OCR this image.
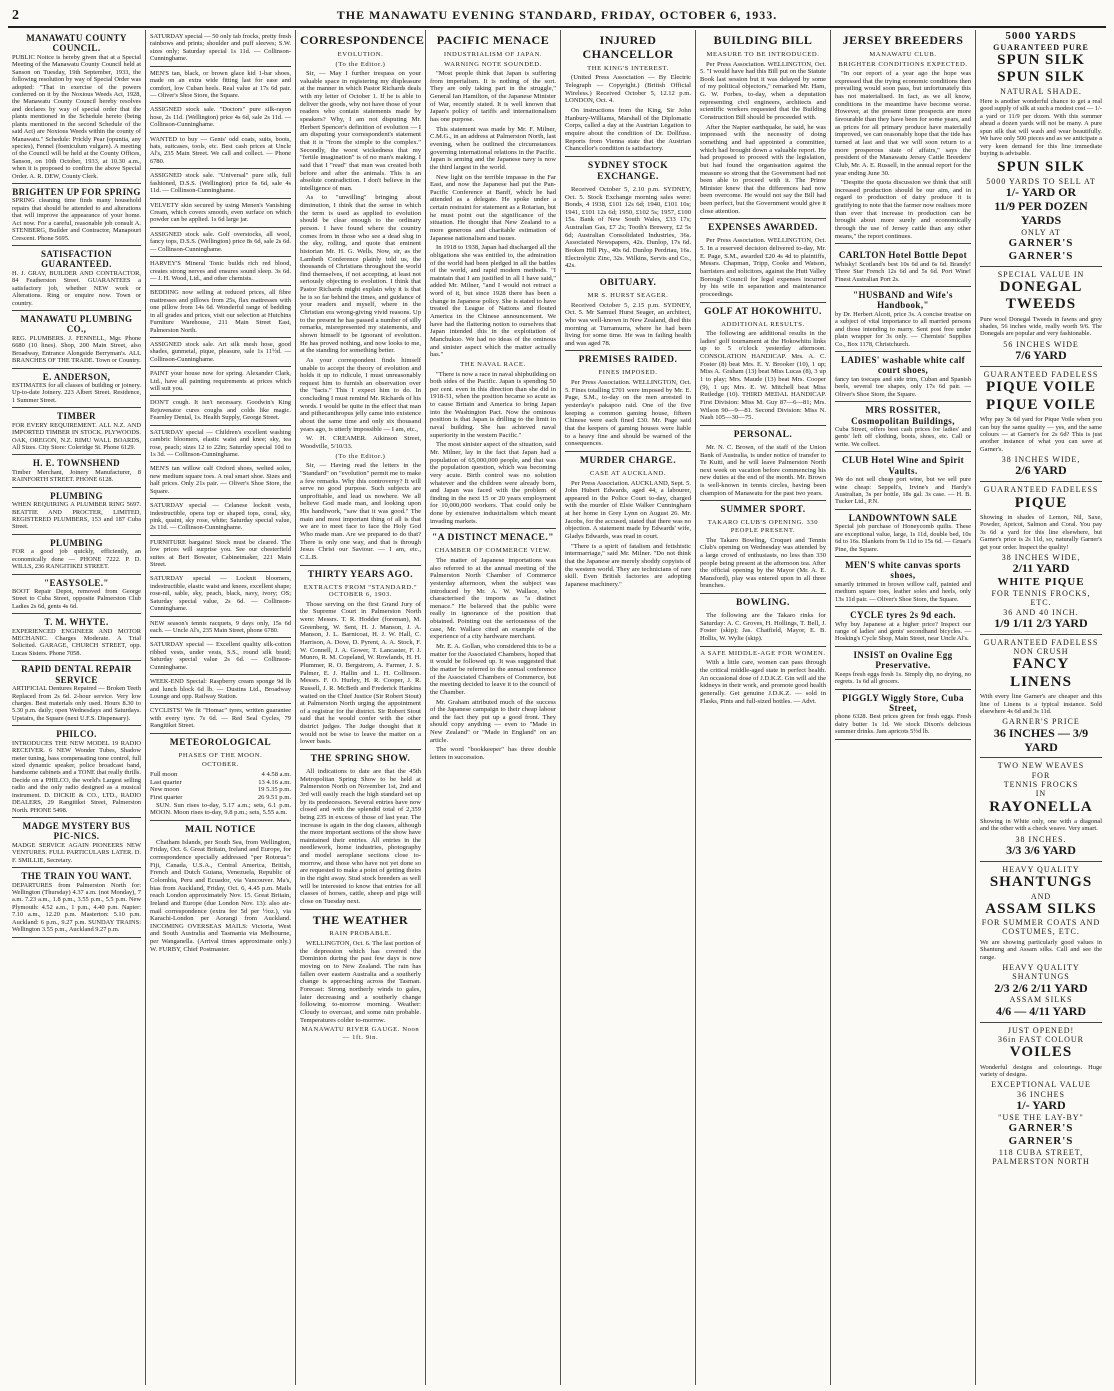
2	THE MANAWATU EVENING STANDARD, FRIDAY, OCTOBER 6, 1933.
MANAWATU COUNTY COUNCIL.
PUBLIC Notice is hereby given that at a Special Meeting of the Manawatu County Council held at Sanson on Tuesday, 19th September, 1933, the following resolution by way of Special Order was adopted: "That in exercise of the powers conferred on it by the Noxious Weeds Act, 1928, the Manawatu County Council hereby resolves and declares by way of special order that the plants mentioned in the Schedule hereto (being plants mentioned in the second Schedule of the said Act) are Noxious Weeds within the county of Manawatu." Schedule: Prickly Pear (opuntia, any species), Fennel (foeniculum vulgare). A meeting of the Council will be held at the County Offices, Sanson, on 10th October, 1933, at 10.30 a.m., when it is proposed to confirm the above Special Order. A. R. DEW, County Clerk.
BRIGHTEN UP FOR SPRING
SPRING cleaning time finds many household repairs that should be attended to and alterations that will improve the appearance of your home. Act now. For a careful, reasonable job consult A. STENBERG, Builder and Contractor, Manapouri Crescent. Phone 5695.
SATISFACTION GUARANTEED.
H. J. GRAY, BUILDER AND CONTRACTOR, 84 Featherston Street. GUARANTEES a satisfactory job, whether NEW work or Alterations. Ring or enquire now. Town or country.
MANAWATU PLUMBING CO.,
REG. PLUMBERS. J. FENNELL, Mgr. Phone 6680 (10 lines). Shop, 200 Main Street, also Broadway, Entrance Alongside Berryman's. ALL BRANCHES OF THE TRADE. Town or Country.
E. ANDERSON,
ESTIMATES for all classes of building or joinery. Up-to-date Joinery. 223 Albert Street. Residence, 1 Summer Street.
TIMBER
FOR EVERY REQUIREMENT. ALL N.Z. AND IMPORTED TIMBER IN STOCK. PLYWOODS. OAK, OREGON, N.Z. RIMU WALL BOARDS, All Sizes. City Store: Coleridge St. Phone 6129.
H. E. TOWNSHEND
Timber Merchant, Joinery Manufacturer, 8 RAINFORTH STREET. PHONE 6128.
PLUMBING
WHEN REQUIRING A PLUMBER RING 5697. BEATTIE AND PROCTER, LIMITED, REGISTERED PLUMBERS, 153 and 187 Cuba Street.
PLUMBING
FOR a good job quickly, efficiently, an economically done — PHONE 7222. P. D. WILLS, 236 RANGITIKEI STREET.
"EASYSOLE."
BOOT Repair Depot, removed from George Street to Cuba Street, opposite Palmerston Club Ladies 2s 6d, gents 4s 6d.
T. M. WHYTE.
EXPERIENCED ENGINEER AND MOTOR MECHANIC. Charges Moderate. A Trial Solicited. GARAGE, CHURCH STREET, opp. Lucas Sisters. Phone 7058.
RAPID DENTAL REPAIR SERVICE
ARTIFICIAL Dentures Repaired — Broken Teeth Replaced from 2s 6d. 2-hour service. Very low charges. Best materials only used. Hours 8.30 to 5.30 p.m. daily; open Wednesdays and Saturdays. Upstairs, the Square (next U.F.S. Dispensary).
PHILCO.
INTRODUCES THE NEW MODEL 19 RADIO RECEIVER. 6 NEW Wonder Tubes, Shadow meter tuning, bass compensating tone control, full sized dynamic speaker, police broadcast band, handsome cabinets and a TONE that really thrills. Decide on a PHILCO, the world's Largest selling radio and the only radio designed as a musical instrument. D. DICKIE & CO., LTD., RADIO DEALERS, 29 Rangitikei Street, Palmerston North. PHONE 5498.
MADGE MYSTERY BUS PIC-NICS.
MADGE SERVICE AGAIN PIONEERS NEW VENTURES. FULL PARTICULARS LATER. D. F. SMILLIE, Secretary.
THE TRAIN YOU WANT.
DEPARTURES from Palmerston North for: Wellington (Thursday) 4.37 a.m. (not Monday), 7 a.m. 7.23 a.m., 1.8 p.m., 3.55 p.m., 5.5 p.m. New Plymouth: 4.52 a.m., 1 p.m., 4.40 p.m. Napier: 7.10 a.m., 12.20 p.m. Masterton: 5.10 p.m. Auckland: 6 p.m., 9.27 p.m. SUNDAY TRAINS: Wellington 3.55 p.m., Auckland 9.27 p.m.
SATURDAY special — 50 only tab frocks, pretty fresh rainbows and prints; shoulder and puff sleeves; S.W. sizes only; Saturday special 1s 11d. — Collinson-Cunninghame.
MEN'S tan, black, or brown glace kid 1-bar shoes, made on an extra wide fitting last for ease and comfort, low Cuban heels. Real value at 17s 6d pair. — Oliver's Shoe Store, the Square.
ASSIGNED stock sale. "Doctors" pure silk-rayon hose, 2s 11d. (Wellington) price 4s 6d, sale 2s 11d. — Collinson-Cunninghame.
WANTED to buy — Gents' odd coats, suits, boots, hats, suitcases, tools, etc. Best cash prices at Uncle Al's, 235 Main Street. We call and collect. — Phone 6780.
ASSIGNED stock sale. "Universal" pure silk, full fashioned, D.S.S. (Wellington) price 6s 6d, sale 4s 11d. — Collinson-Cunninghame.
VELVETY skin secured by using Menen's Vanishing Cream, which covers smooth, even surface on which powder can be applied. 1s 6d large jar.
ASSIGNED stock sale. Golf overstocks, all wool, fancy tops, D.S.S. (Wellington) price 8s 6d, sale 2s 6d. — Collinson-Cunninghame.
HARVEY'S Mineral Tonic builds rich red blood, creates strong nerves and ensures sound sleep. 3s 6d. — J. H. Wood, Ltd., and other chemists.
BEDDING now selling at reduced prices, all fibre mattresses and pillows from 25s, flax mattresses with one pillow from 14s 6d. Wonderful range of bedding in all grades and prices, visit our selection at Hutchins Furniture Warehouse, 211 Main Street East, Palmerston North.
ASSIGNED stock sale. Art silk mesh hose, good shades, gunmetal, pique, pleasure, sale 1s 11½d. — Collinson-Cunninghame.
PAINT your house now for spring. Alexander Clark, Ltd., have all painting requirements at prices which will suit you.
DON'T cough. It isn't necessary. Goodwin's King Rejuvenator cures coughs and colds like magic. Fearnley Dental, 1s. Health Supply, George Street.
SATURDAY special — Children's excellent washing cambric bloomers, elastic waist and knee; sky, tea rose, peach; sizes 12 to 22in; Saturday special 10d to 1s 3d. — Collinson-Cunninghame.
MEN'S tan willow calf Oxford shoes, welted soles, new medium square toes. A real smart shoe. Sizes and half prices. Only 21s pair. — Oliver's Shoe Store, the Square.
SATURDAY special — Celanese locknit vests, indestructible, opera top or shaped tops, coral, sky, pink, quaint, sky rose, white; Saturday special value, 2s 11d. — Collinson-Cunninghame.
FURNITURE bargains! Stock must be cleared. The low prices will surprise you. See our chesterfield suites at Bert Bowater, Cabinetmaker, 221 Main Street.
SATURDAY special — Locknit bloomers, indestructible, elastic waist and knees, excellent shape; rose-nil, sable, sky, peach, black, navy, ivory; OS; Saturday special value, 2s 6d. — Collinson-Cunninghame.
NEW season's tennis racquets, 9 days only, 15s 6d each. — Uncle Al's, 235 Main Street, phone 6780.
SATURDAY special — Excellent quality silk-cotton ribbed vests, under vests, S.S., round silk braid; Saturday special value 2s 6d. — Collinson-Cunninghame.
WEEK-END Special: Raspberry cream sponge 9d lb and lunch block 6d lb. — Dustins Ltd., Broadway Lounge and opp. Railway Station.
CYCLISTS! We fit "Homac" tyres, written guarantee with every tyre. 7s 6d. — Red Seal Cycles, 79 Rangitikei Street.
METEOROLOGICAL
PHASES OF THE MOON.
OCTOBER.
Full moon	4 4.58 a.m.
Last quarter	13 4.16 a.m.
New moon	19 5.35 p.m.
First quarter	26 9.51 p.m.

SUN. Sun rises to-day, 5.17 a.m.; sets, 6.1 p.m. MOON. Moon rises to-day, 9.8 p.m.; sets, 5.55 a.m.

MAIL NOTICE

Chatham Islands, per South Sea, from Wellington, Friday, Oct. 6. Great Britain, Ireland and Europe, for correspondence specially addressed "per Rotorua": Fiji, Canada, U.S.A., Central America, British, French and Dutch Guiana, Venezuela, Republic of Colombia, Peru and Ecuador, via Vancouver. Ma's, bias from Auckland, Friday, Oct. 6, 4.45 p.m. Mails reach London approximately Nov. 15. Great Britain, Ireland and Europe (due London Nov. 13): also air-mail correspondence (extra fee 5d per ½oz.), via Karachi-London per Aorangi from Auckland. INCOMING OVERSEAS MAILS: Victoria, West and South Australia and Tasmania via Melbourne, per Wanganella. (Arrival times approximate only.) W. FURBY, Chief Postmaster.

CORRESPONDENCE
EVOLUTION.
(To the Editor.)

Sir, — May I further trespass on your valuable space in registering my displeasure at the manner in which Pastor Richards deals with my letter of October 1. If he is able to deliver the goods, why not have those of your readers who contain statements made by speakers? Why, I am not disputing Mr. Herbert Spencer's definition of evolution — I am disputing your correspondent's statement that it is "from the simple to the complex." Secondly, the worst wickedness that my "fertile imagination" is of no man's making. I said that I "read" that man was created both before and after the animals. This is an absolute contradiction. I don't believe in the intelligence of man.

As to "unwilling" bringing about diminution, I think that the sense in which the term is used as applied to evolution should be clear enough to the ordinary person. I have found where the country comes from in those who see a dead slug in the sky, rolling, and quote that eminent historian Mr. H. G. Wells. Now, sir, as the Lambeth Conference plainly told us, the thousands of Christians throughout the world find themselves, if not accepting, at least not seriously objecting to evolution. I think that Pastor Richards might explain why it is that he is so far behind the times, and guidance of your readers and myself, where in the Christian era wrong-giving vivid reasons. Up to the present he has passed a number of silly remarks, misrepresented my statements, and shown himself to be ignorant of evolution. He has proved nothing, and now looks to me, at the standing for something better.

As your correspondent finds himself unable to accept the theory of evolution and holds it up to ridicule, I must unreasonably request him to furnish an observation over the "facts." This I expect him to do. In concluding I must remind Mr. Richards of his words. I would be quite in the effect that man and pithecanthropus jelly came into existence about the same time and only six thousand years ago, is utterly impossible — I am, etc.,

W. H. CREAMER. Atkinson Street, Woodville, 5/10/33.

(To the Editor.)

Sir, — Having read the letters in the "Standard" on "evolution" permit me to make a few remarks. Why this controversy? It will serve no good purpose. Such subjects are unprofitable, and lead us nowhere. We all believe God made man, and looking upon His handiwork, "saw that it was good." The main and most important thing of all is that we are to meet face to face the Holy God Who made man. Are we prepared to do that? There is only one way, and that is through Jesus Christ our Saviour. — I am, etc., C.L.B.

THIRTY YEARS AGO.
EXTRACTS FROM "STANDARD." OCTOBER 6, 1903.

Those serving on the first Grand Jury of the Supreme Court in Palmerston North were: Messrs. T. R. Hodder (foreman), M. Greenberg, W. Sent, H. J. Manson, J. A. Manson, J. L. Barnicoat, H. J. W. Hall, C. Harrison, A. Dove, D. Pyrent, A. A. Stock, F. W. Connell, J. A. Gower, T. Lancaster, F. J. Munro, R. M. Copeland, W. Rowlands, H. H. Plummer, R. O. Bergstrom, A. Farmer, J. S. Palmer, E. J. Hallin and L. H. Collinson. Messrs. F. O. Hurley, H. R. Cooper, J. R. Russell, J. R. McBeth and Frederick Hankins waited on the Chief Justice (Sir Robert Stout) at Palmerston North urging the appointment of a registrar for the district. Sir Robert Stout said that he would confer with the other district judges. The Judge thought that it would not be wise to leave the matter on a lower basis.

THE SPRING SHOW.

All indications to date are that the 45th Metropolitan Spring Show to be held at Palmerston North on November 1st, 2nd and 3rd will easily reach the high standard set up by its predecessors. Several entries have now closed and with the splendid total of 2,359 being 235 in excess of those of last year. The increase is again in the dog classes, although the more important sections of the show have maintained their entries. All entries in the needlework, home industries, photography and model aeroplane sections close to-morrow, and those who have not yet done so are requested to make a point of getting theirs in the right away. Stud stock breeders as well will be interested to know that entries for all classes of horses, cattle, sheep and pigs will close on Tuesday next.

THE WEATHER
RAIN PROBABLE.

WELLINGTON, Oct. 6. The last portion of the depression which has covered the Dominion during the past few days is now moving on to New Zealand. The rain has fallen over eastern Australia and a southerly change is approaching across the Tasman. Forecast: Strong northerly winds to gales, later decreasing and a southerly change following to-morrow morning. Weather: Cloudy to overcast, and some rain probable. Temperatures colder to-morrow.

MANAWATU RIVER GAUGE. Noon — 1ft. 9in.
PACIFIC MENACE
INDUSTRIALISM OF JAPAN.
WARNING NOTE SOUNDED.

"Most people think that Japan is suffering from imperialism. It is nothing of the sort. They are only taking part in the struggle," General Ian Hamilton, of the Japanese Minister of War, recently stated. It is well known that Japan's policy of tariffs and internationalism has one purpose.

This statement was made by Mr. F. Milner, C.M.G., in an address at Palmerston North, last evening, when he outlined the circumstances governing international relations in the Pacific. Japan is arming and the Japanese navy is now the third largest in the world.

New light on the terrible impasse in the Far East, and now the Japanese had put the Pan-Pacific Conference at Banff, which he had attended as a delegate. He spoke under a certain restraint for statement as a Rotarian, but he must point out the significance of the situation. He thought that New Zealand to a more generous and charitable estimation of Japanese nationalism and issues.

In 1918 to 1938, Japan had discharged all the obligations she was entitled to, the admiration of the world had been pledged in all the battles of the world, and rapid modern methods. "I maintain that I am justified in all I have said," added Mr. Milner, "and I would not retract a word of it, but since 1928 there has been a change in Japanese policy. She is stated to have treated the League of Nations and flouted America in the Chinese announcement. We have had the flattering notion to ourselves that Japan intended this in the exploitation of Manchukuo. We had no ideas of the ominous and sinister aspect which the matter actually has."

THE NAVAL RACE.

"There is now a race in naval shipbuilding on both sides of the Pacific. Japan is spending 50 per cent. even in this direction than she did in 1918-31, when the position became so acute as to cause Britain and America to bring Japan into the Washington Pact. Now the ominous position is that Japan is drilling to the limit in naval building. She has achieved naval superiority in the western Pacific."

The most sinister aspect of the situation, said Mr. Milner, lay in the fact that Japan had a population of 65,000,000 people, and that was the population question, which was becoming very acute. Birth control was no solution whatever and the children were already born, and Japan was faced with the problem of finding in the next 15 or 20 years employment for 10,000,000 workers. That could only be done by extensive industrialism which meant invading markets.

"A DISTINCT MENACE."
CHAMBER OF COMMERCE VIEW.

The matter of Japanese importations was also referred to at the annual meeting of the Palmerston North Chamber of Commerce yesterday afternoon, when the subject was introduced by Mr. A. W. Wallace, who characterised the imports as "a distinct menace." He believed that the public were really in ignorance of the position that obtained. Pointing out the seriousness of the case, Mr. Wallace cited an example of the experience of a city hardware merchant.

Mr. E. A. Gollan, who considered this to be a matter for the Associated Chambers, hoped that it would be followed up. It was suggested that the matter be referred to the annual conference of the Associated Chambers of Commerce, but the meeting decided to leave it to the council of the Chamber.

Mr. Graham attributed much of the success of the Japanese campaign to their cheap labour and the fact they put up a good front. They should copy anything — even to "Made in New Zealand" or "Made in England" on an article.

The word "bookkeeper" has three double letters in succession.

INJURED CHANCELLOR
THE KING'S INTEREST.

(United Press Association — By Electric Telegraph — Copyright.) (British Official Wireless.) Received October 5, 12.12 p.m. LONDON, Oct. 4.

On instructions from the King, Sir John Hanbury-Williams, Marshall of the Diplomatic Corps, called a day at the Austrian Legation to enquire about the condition of Dr. Dollfuss. Reports from Vienna state that the Austrian Chancellor's condition is satisfactory.

SYDNEY STOCK EXCHANGE.

Received October 5, 2.10 p.m. SYDNEY, Oct. 5. Stock Exchange morning sales were: Bonds, 4 1938, £101 12s 6d; 1940, £101 10s; 1941, £101 12s 6d; 1950, £102 5s; 1957, £100 15s. Bank of New South Wales, £33 17s; Australian Gas, £7 2s; Tooth's Brewery, £2 5s 6d; Australian Consolidated Industries, 36s. Associated Newspapers, 42s. Dunlop, 17s 6d. Broken Hill Pty., 40s 6d. Dunlop Perdriau, 16s. Electrolytic Zinc, 32s. Wilkins, Servis and Co., 42s.

OBITUARY.
MR S. HURST SEAGER.

Received October 5, 2.15 p.m. SYDNEY, Oct. 5. Mr Samuel Hurst Seager, an architect, who was well-known in New Zealand, died this morning at Turramurra, where he had been living for some time. He was in failing health and was aged 78.

PREMISES RAIDED.
FINES IMPOSED.

Per Press Association. WELLINGTON, Oct. 5. Fines totalling £701 were imposed by Mr. E. Page, S.M., to-day on the men arrested in yesterday's pakapoo raid. One of the five keeping a common gaming house, fifteen Chinese were each fined £30. Mr. Page said that the keepers of gaming houses were liable to a heavy fine and should be warned of the consequences.

MURDER CHARGE.
CASE AT AUCKLAND.

Per Press Association. AUCKLAND, Sept. 5. John Hubert Edwards, aged 44, a labourer, appeared in the Police Court to-day, charged with the murder of Elsie Walker Cunningham at her home in Grey Lynn on August 26. Mr. Jacobs, for the accused, stated that there was no objection. A statement made by Edwards' wife, Gladys Edwards, was read in court.

"There is a spirit of fatalism and fetishistic intermarriage," said Mr. Milner. "Do not think that the Japanese are merely shoddy copyists of the western world. They are technicians of rare skill. Even British factories are adopting Japanese machinery."

BUILDING BILL
MEASURE TO BE INTRODUCED.

Per Press Association. WELLINGTON, Oct. 5. "I would have had this Bill put on the Statute Book last session but it was delayed by some of my political objectors," remarked Mr. Ham, G. W. Forbes, to-day, when a deputation representing civil engineers, architects and scientific workers requested that the Building Construction Bill should be proceeded with.

After the Napier earthquake, he said, he was impressed with the necessity of doing something and had appointed a committee, which had brought down a valuable report. He had proposed to proceed with the legislation, but had found the organisation against the measure so strong that the Government had not been able to proceed with it. The Prime Minister knew that the differences had now been overcome. He would not say the Bill had been perfect, but the Government would give it close attention.

EXPENSES AWARDED.

Per Press Association. WELLINGTON, Oct. 5. In a reserved decision delivered to-day, Mr. E. Page, S.M., awarded £20 4s 4d to plaintiffs, Messrs. Chapman, Tripp, Cooke and Watson, barristers and solicitors, against the Hutt Valley Borough Council for legal expenses incurred by his wife in separation and maintenance proceedings.

GOLF AT HOKOWHITU.
ADDITIONAL RESULTS.

The following are additional results in the ladies' golf tournament at the Hokowhitu links up to 5 o'clock yesterday afternoon. CONSOLATION HANDICAP. Mrs. A. C. Foster (8) beat Mrs. E. Y. Brooker (10), 1 up; Miss A. Graham (13) beat Miss Lucas (8), 3 up 1 to play; Mrs. Maude (13) beat Mrs. Cooper (9), 1 up; Mrs. E. W. Mitchell beat Miss Rutledge (10). THIRD MEDAL HANDICAP. First Division: Miss M. Guy 87—6—81; Mrs. Wilson 90—9—81. Second Division: Miss N. Nash 105—30—75.

PERSONAL.

Mr. N. C. Brown, of the staff of the Union Bank of Australia, is under notice of transfer to Te Kuiti, and he will leave Palmerston North next week on vacation before commencing his new duties at the end of the month. Mr. Brown is well-known in tennis circles, having been champion of Manawatu for the past two years.

SUMMER SPORT.
TAKARO CLUB'S OPENING. 330 PEOPLE PRESENT.

The Takaro Bowling, Croquet and Tennis Club's opening on Wednesday was attended by a large crowd of enthusiasts, no less than 330 people being present at the afternoon tea. After the official opening by the Mayor (Mr. A. E. Mansford), play was entered upon in all three branches.

BOWLING.

The following are the Takaro rinks for Saturday: A. C. Groves, H. Hollings, T. Bell, J. Foster (skip); Jas. Chatfield, Mayor, E. B. Hollis, W. Wylie (skip).

A SAFE MIDDLE-AGE FOR WOMEN.

With a little care, women can pass through the critical middle-aged state in perfect health. An occasional dose of J.D.K.Z. Gin will aid the kidneys in their work, and promote good health generally. Get genuine J.D.K.Z. — sold in Flasks, Pints and full-sized bottles. — Advt.

JERSEY BREEDERS
MANAWATU CLUB.
BRIGHTER CONDITIONS EXPECTED.

"In our report of a year ago the hope was expressed that the trying economic conditions then prevailing would soon pass, but unfortunately this has not materialised. In fact, as we all know, conditions in the meantime have become worse. However, at the present time prospects are more favourable than they have been for some years, and as prices for all primary produce have materially improved, we can reasonably hope that the tide has turned at last and that we will soon return to a more prosperous state of affairs," says the president of the Manawatu Jersey Cattle Breeders' Club, Mr. A. E. Russell, in the annual report for the year ending June 30.

"Despite the quota discussion we think that still increased production should be our aim, and in regard to production of dairy produce it is gratifying to note that the farmer now realises more than ever that increase in production can be brought about more surely and economically through the use of Jersey cattle than any other means," the report continues.

CARLTON Hotel Bottle Depot
Whisky! Scotland's best 10s 6d and 6s 6d. Brandy! Three Star French 12s 6d and 5s 6d. Port Wine! Finest Australian Port 2s.
"HUSBAND and Wife's Handbook,"
by Dr. Herbert Alcott, price 3s. A concise treatise on a subject of vital importance to all married persons and those intending to marry. Sent post free under plain wrapper for 3s only. — Chemists' Supplies Co., Box 1178, Christchurch.
LADIES' washable white calf court shoes,
fancy tan toecaps and side trim, Cuban and Spanish heels, several toe shapes, only 17s 6d pair. — Oliver's Shoe Store, the Square.
MRS ROSSITER, Cosmopolitan Buildings,
Cuba Street, offers best cash prices for ladies' and gents' left off clothing, boots, shoes, etc. Call or write. We collect.
CLUB Hotel Wine and Spirit Vaults.
We do not sell cheap port wine, but we sell pure wine cheap: Seppelt's, Irvine's and Hardy's Australian, 3s per bottle, 18s gal. 3s case. — H. B. Tucker Ltd., P.N.
LANDOWNTOWN SALE
Special job purchase of Honeycomb quilts. These are exceptional value, large, 1s 11d, double bed, 10s 6d to 16s. Blankets from 9s 11d to 15s 6d. — Gruar's Pine, the Square.
MEN'S white canvas sports shoes,
smartly trimmed in brown willow calf, painted and medium square toes, leather soles and heels, only 13s 11d pair. — Oliver's Shoe Store, the Square.
CYCLE tyres 2s 9d each.
Why buy Japanese at a higher price? Inspect our range of ladies' and gents' secondhand bicycles. — Hosking's Cycle Shop, Main Street, near Uncle Al's.
INSIST on Ovaline Egg Preservative.
Keeps fresh eggs fresh 1s. Simply dip, no drying, no regrets. 1s 6d all grocers.
PIGGLY Wiggly Store, Cuba Street,
phone 6328. Best prices given for fresh eggs. Fresh dairy butter 1s 1d. We stock Dixon's delicious summer drinks. Jam apricots 5½d lb.
5000 YARDS
GUARANTEED PURE
SPUN SILK
SPUN SILK
NATURAL SHADE.
Here is another wonderful chance to get a real good supply of silk at such a modest cost — 1/- a yard or 11/9 per dozen. With this summer ahead a dozen yards will not be many. A pure spun silk that will wash and wear beautifully. We have only 500 pieces and as we anticipate a very keen demand for this line immediate buying is advisable.
SPUN SILK
5000 YARDS TO SELL AT
1/- YARD OR
11/9 PER DOZEN YARDS
ONLY AT
GARNER'S
GARNER'S
SPECIAL VALUE IN
DONEGAL TWEEDS
Pure wool Donegal Tweeds in fawns and grey shades, 56 inches wide, really worth 9/6. The Donegals are popular and very fashionable.
56 INCHES WIDE
7/6 YARD
GUARANTEED FADELESS
PIQUE VOILE
PIQUE VOILE
Why pay 3s 6d yard for Pique Voile when you can buy the same quality — yes, and the same colours — at Garner's for 2s 6d? This is just another instance of what you can save at Garner's.
38 INCHES WIDE,
2/6 YARD
GUARANTEED FADELESS
PIQUE
Showing in shades of Lemon, Nil, Saxe, Powder, Apricot, Salmon and Coral. You pay 3s 6d a yard for this line elsewhere, but Garner's price is 2s 11d, so, naturally Garner's get your order. Inspect the quality!
38 INCHES WIDE,
2/11 YARD
WHITE PIQUE
FOR TENNIS FROCKS, ETC.
36 AND 40 INCH.
1/9 1/11 2/3 YARD
GUARANTEED FADELESS
NON CRUSH
FANCY LINENS
With every line Garner's are cheaper and this line of Linens is a typical instance. Sold elsewhere 4s 6d and 3s 11d.
GARNER'S PRICE
36 INCHES — 3/9 YARD
TWO NEW WEAVES
FOR
TENNIS FROCKS
IN
RAYONELLA
Showing in White only, one with a diagonal and the other with a check weave. Very smart.
38 INCHES.
3/3 3/6 YARD
HEAVY QUALITY
SHANTUNGS
AND
ASSAM SILKS
FOR SUMMER COATS AND COSTUMES, ETC.
We are showing particularly good values in Shantung and Assam silks. Call and see the range.
HEAVY QUALITY SHANTUNGS
2/3 2/6 2/11 YARD
ASSAM SILKS
4/6 — 4/11 YARD
JUST OPENED!
36in FAST COLOUR
VOILES
Wonderful designs and colourings. Huge variety of designs.
EXCEPTIONAL VALUE
36 INCHES
1/- YARD
"USE THE LAY-BY"
GARNER'S
GARNER'S
118 CUBA STREET, PALMERSTON NORTH
